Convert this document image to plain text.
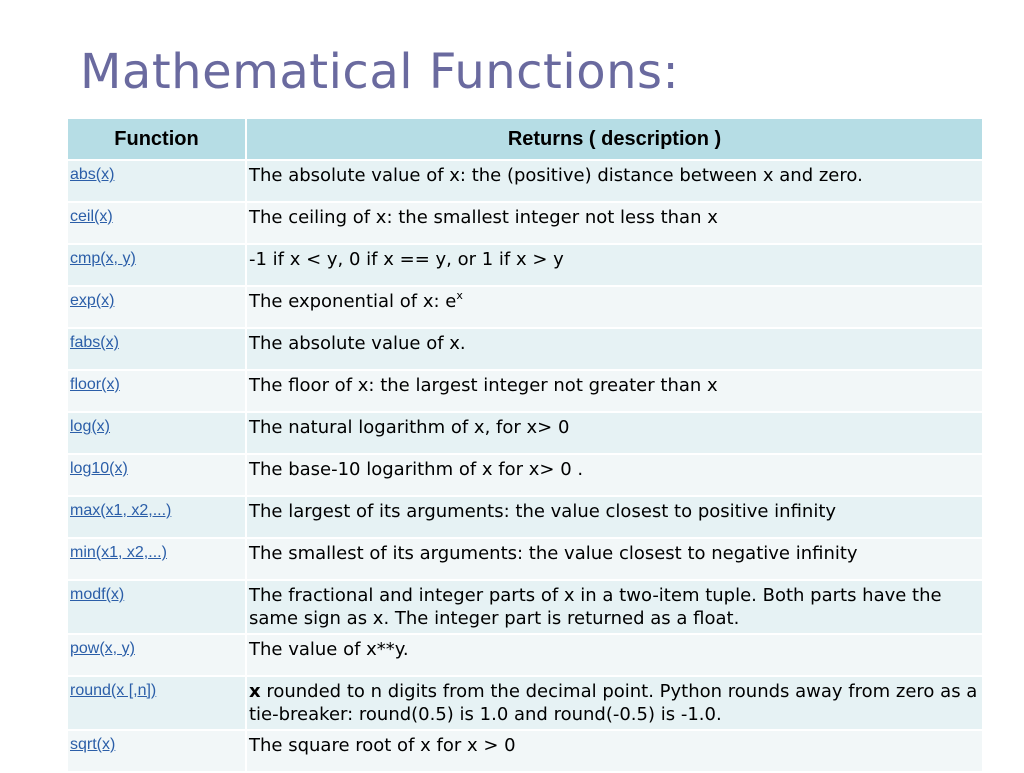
Mathematical Functions:
Function	Returns ( description )
abs(x)	The absolute value of x: the (positive) distance between x and zero.
ceil(x)	The ceiling of x: the smallest integer not less than x
cmp(x, y)	-1 if x < y, 0 if x == y, or 1 if x > y
exp(x)	The exponential of x: $e^x$
fabs(x)	The absolute value of x.
floor(x)	The floor of x: the largest integer not greater than x
log(x)	The natural logarithm of x, for x> 0
log10(x)	The base-10 logarithm of x for x> 0 .
max(x1, x2,...)	The largest of its arguments: the value closest to positive infinity
min(x1, x2,...)	The smallest of its arguments: the value closest to negative infinity
modf(x)	The fractional and integer parts of x in a two-item tuple. Both parts have the same sign as x. The integer part is returned as a float.
pow(x, y)	The value of x**y.
round(x [,n])	x rounded to n digits from the decimal point. Python rounds away from zero as a tie-breaker: round(0.5) is 1.0 and round(-0.5) is -1.0.
sqrt(x)	The square root of x for x > 0
